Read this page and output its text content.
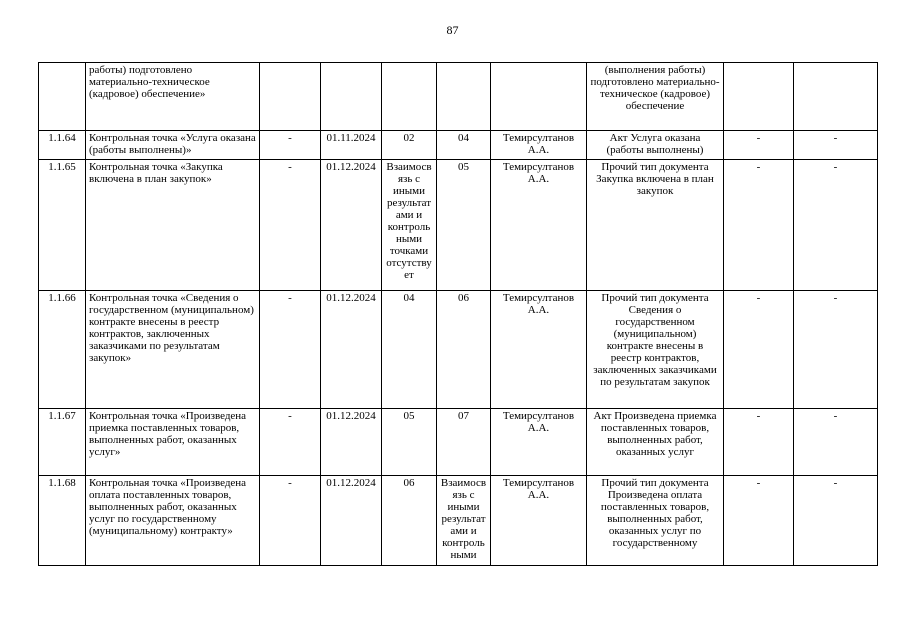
87
	работы) подготовлено материально-техническое (кадровое) обеспечение»						(выполнения работы) подготовлено материально-техническое (кадровое) обеспечение		
1.1.64	Контрольная точка «Услуга оказана (работы выполнены)»	-	01.11.2024	02	04	Темирсултанов А.А.	Акт Услуга оказана (работы выполнены)	-	-
1.1.65	Контрольная точка «Закупка включена в план закупок»	-	01.12.2024	Взаимосвязь с иными результатами и контрольными точками отсутствует	05	Темирсултанов А.А.	Прочий тип документа Закупка включена в план закупок	-	-
1.1.66	Контрольная точка «Сведения о государственном (муниципальном) контракте внесены в реестр контрактов, заключенных заказчиками по результатам закупок»	-	01.12.2024	04	06	Темирсултанов А.А.	Прочий тип документа Сведения о государственном (муниципальном) контракте внесены в реестр контрактов, заключенных заказчиками по результатам закупок	-	-
1.1.67	Контрольная точка «Произведена приемка поставленных товаров, выполненных работ, оказанных услуг»	-	01.12.2024	05	07	Темирсултанов А.А.	Акт Произведена приемка поставленных товаров, выполненных работ, оказанных услуг	-	-
1.1.68	Контрольная точка «Произведена оплата поставленных товаров, выполненных работ, оказанных услуг по государственному (муниципальному) контракту»	-	01.12.2024	06	Взаимосвязь с иными результатами и контрольными	Темирсултанов А.А.	Прочий тип документа Произведена оплата поставленных товаров, выполненных работ, оказанных услуг по государственному	-	-
